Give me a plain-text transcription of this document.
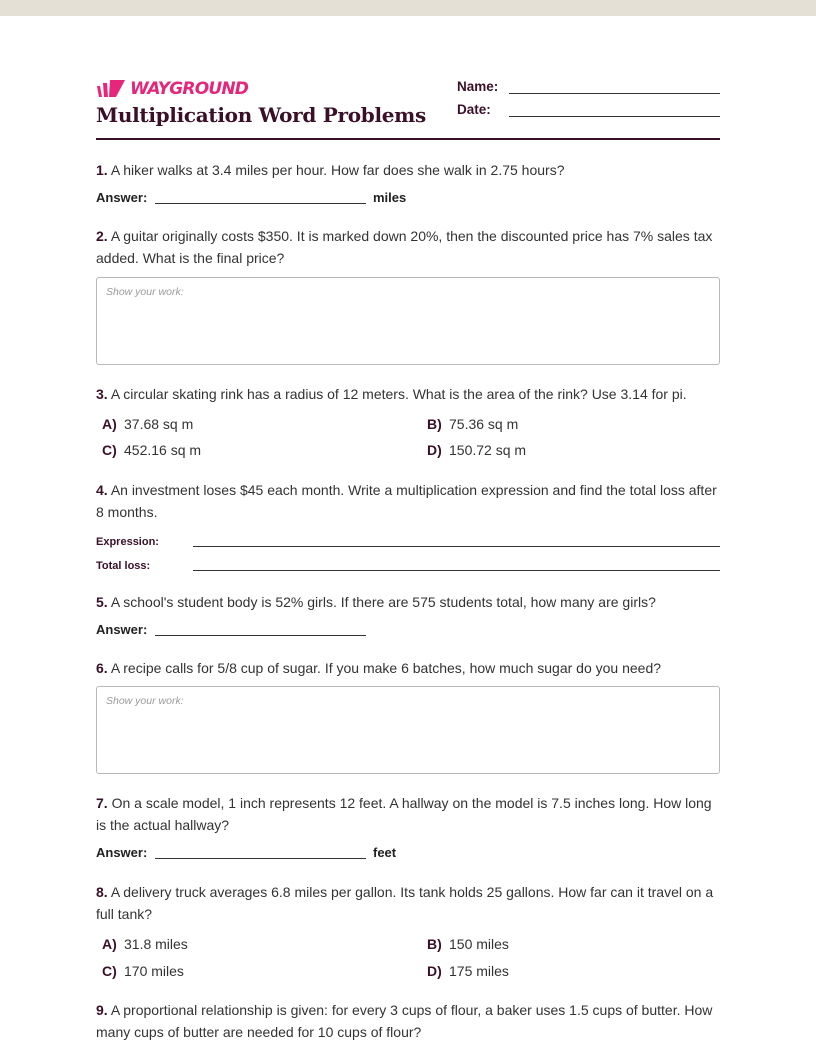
WAYGROUND
Multiplication Word Problems
Name:
Date:
1. A hiker walks at 3.4 miles per hour. How far does she walk in 2.75 hours?
Answer:	miles
2. A guitar originally costs $350. It is marked down 20%, then the discounted price has 7% sales tax added. What is the final price?
Show your work:
3. A circular skating rink has a radius of 12 meters. What is the area of the rink? Use 3.14 for pi.
A) 37.68 sq m	B) 75.36 sq m
C) 452.16 sq m	D) 150.72 sq m
4. An investment loses $45 each month. Write a multiplication expression and find the total loss after 8 months.
Expression:
Total loss:
5. A school's student body is 52% girls. If there are 575 students total, how many are girls?
Answer:
6. A recipe calls for 5/8 cup of sugar. If you make 6 batches, how much sugar do you need?
Show your work:
7. On a scale model, 1 inch represents 12 feet. A hallway on the model is 7.5 inches long. How long is the actual hallway?
Answer:	feet
8. A delivery truck averages 6.8 miles per gallon. Its tank holds 25 gallons. How far can it travel on a full tank?
A) 31.8 miles	B) 150 miles
C) 170 miles	D) 175 miles
9. A proportional relationship is given: for every 3 cups of flour, a baker uses 1.5 cups of butter. How many cups of butter are needed for 10 cups of flour?
